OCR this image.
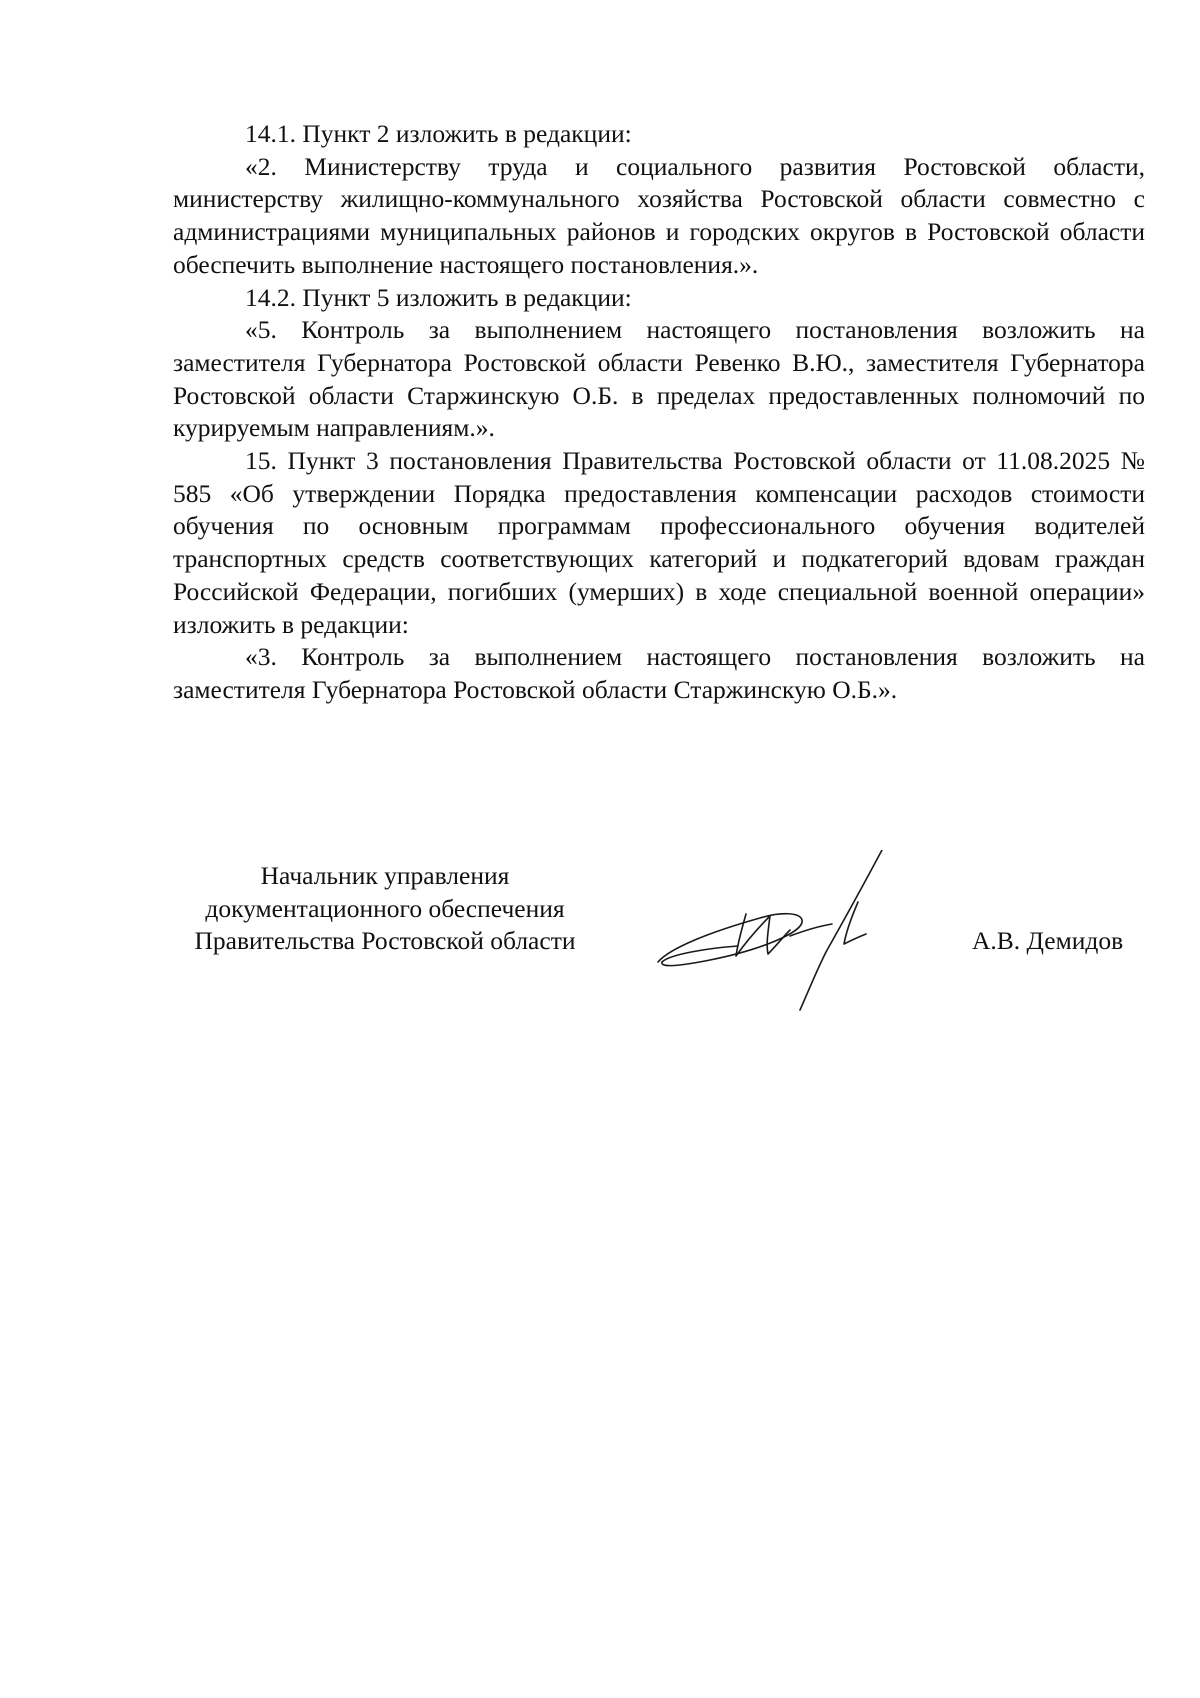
14.1. Пункт 2 изложить в редакции:

«2. Министерству труда и социального развития Ростовской области, министерству жилищно-коммунального хозяйства Ростовской области совместно с администрациями муниципальных районов и городских округов в Ростовской области обеспечить выполнение настоящего постановления.».

14.2. Пункт 5 изложить в редакции:

«5. Контроль за выполнением настоящего постановления возложить на заместителя Губернатора Ростовской области Ревенко В.Ю., заместителя Губернатора Ростовской области Старжинскую О.Б. в пределах предоставленных полномочий по курируемым направлениям.».

15. Пункт 3 постановления Правительства Ростовской области от 11.08.2025 № 585 «Об утверждении Порядка предоставления компенсации расходов стоимости обучения по основным программам профессионального обучения водителей транспортных средств соответствующих категорий и подкатегорий вдовам граждан Российской Федерации, погибших (умерших) в ходе специальной военной операции» изложить в редакции:

«3. Контроль за выполнением настоящего постановления возложить на заместителя Губернатора Ростовской области Старжинскую О.Б.».

Начальник управления
документационного обеспечения
Правительства Ростовской области	А.В. Демидов
